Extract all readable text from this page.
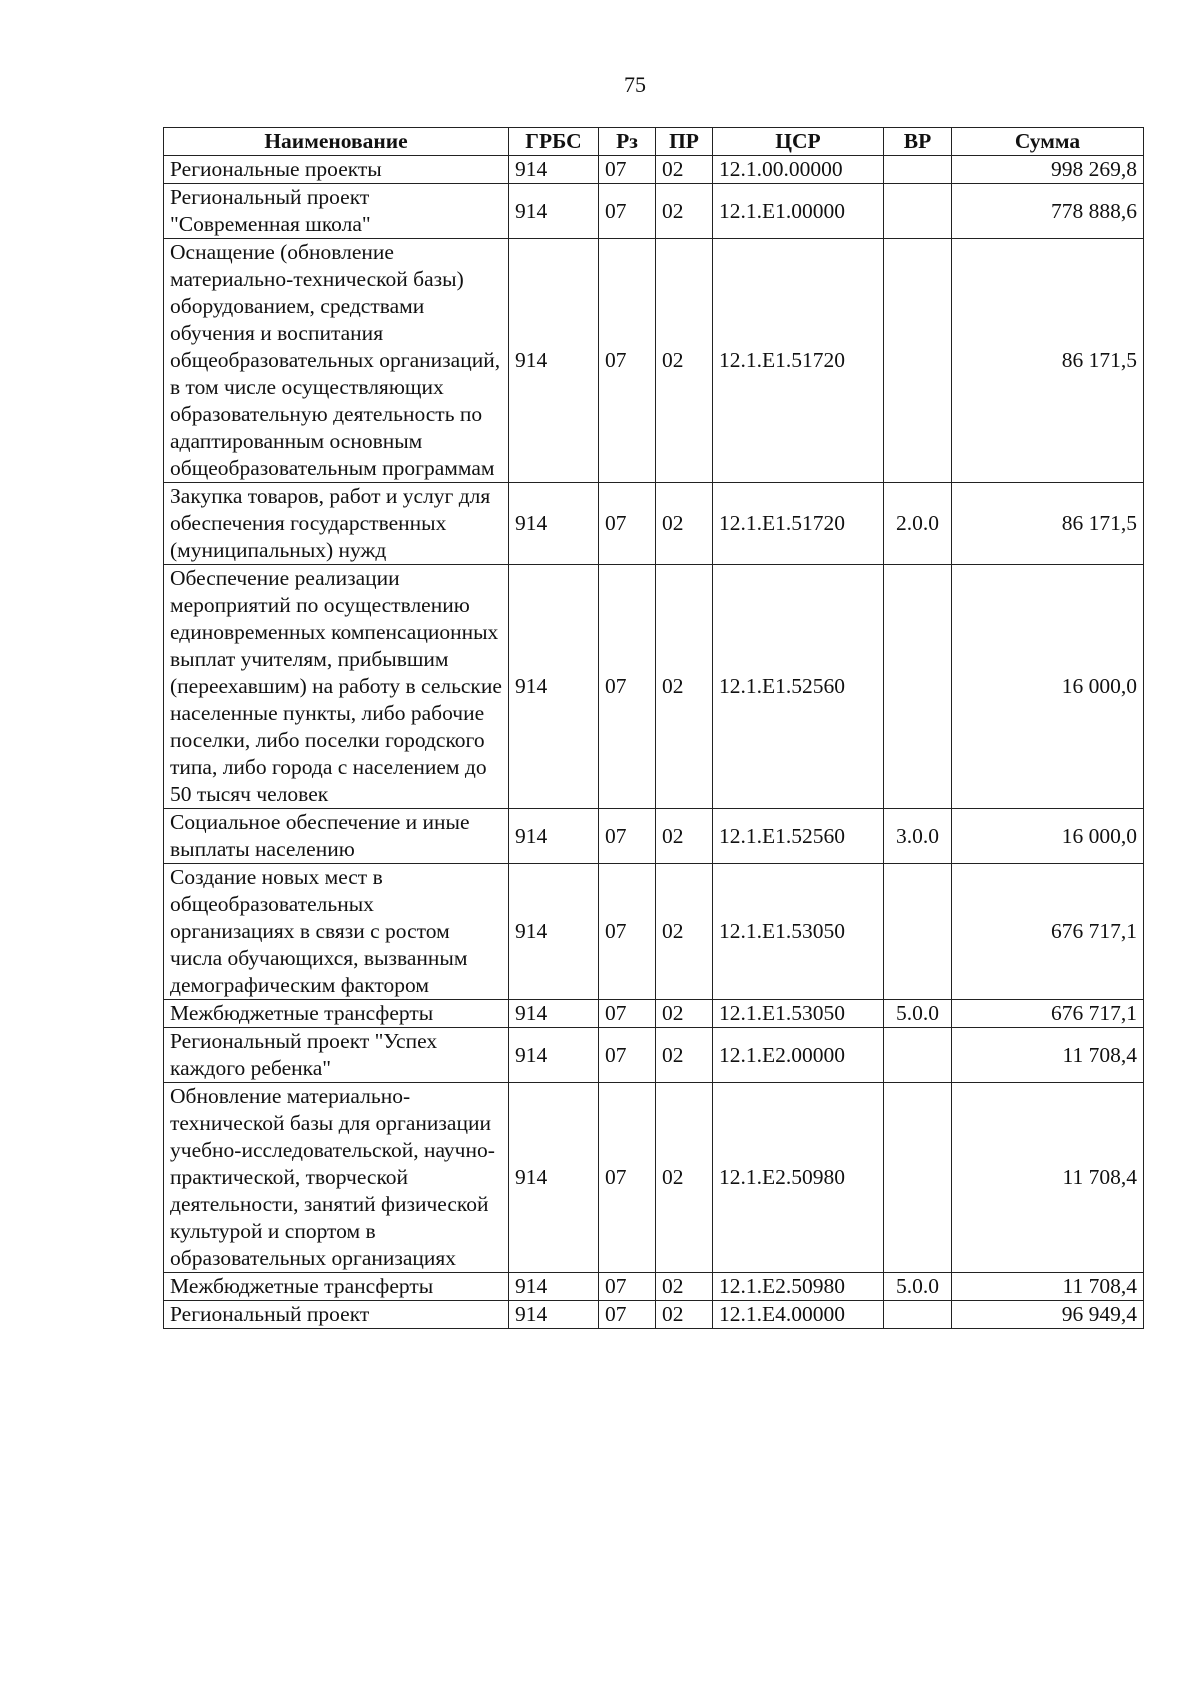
75
Наименование	ГРБС	Рз	ПР	ЦСР	ВР	Сумма
Региональные проекты	914	07	02	12.1.00.00000		998 269,8
Региональный проект "Современная школа"	914	07	02	12.1.E1.00000		778 888,6
Оснащение (обновление материально-технической базы) оборудованием, средствами обучения и воспитания общеобразовательных организаций, в том числе осуществляющих образовательную деятельность по адаптированным основным общеобразовательным программам	914	07	02	12.1.E1.51720		86 171,5
Закупка товаров, работ и услуг для обеспечения государственных (муниципальных) нужд	914	07	02	12.1.E1.51720	2.0.0	86 171,5
Обеспечение реализации мероприятий по осуществлению единовременных компенсационных выплат учителям, прибывшим (переехавшим) на работу в сельские населенные пункты, либо рабочие поселки, либо поселки городского типа, либо города с населением до 50 тысяч человек	914	07	02	12.1.E1.52560		16 000,0
Социальное обеспечение и иные выплаты населению	914	07	02	12.1.E1.52560	3.0.0	16 000,0
Создание новых мест в общеобразовательных организациях в связи с ростом числа обучающихся, вызванным демографическим фактором	914	07	02	12.1.E1.53050		676 717,1
Межбюджетные трансферты	914	07	02	12.1.E1.53050	5.0.0	676 717,1
Региональный проект "Успех каждого ребенка"	914	07	02	12.1.E2.00000		11 708,4
Обновление материально-технической базы для организации учебно-исследовательской, научно-практической, творческой деятельности, занятий физической культурой и спортом в образовательных организациях	914	07	02	12.1.E2.50980		11 708,4
Межбюджетные трансферты	914	07	02	12.1.E2.50980	5.0.0	11 708,4
Региональный проект	914	07	02	12.1.E4.00000		96 949,4
